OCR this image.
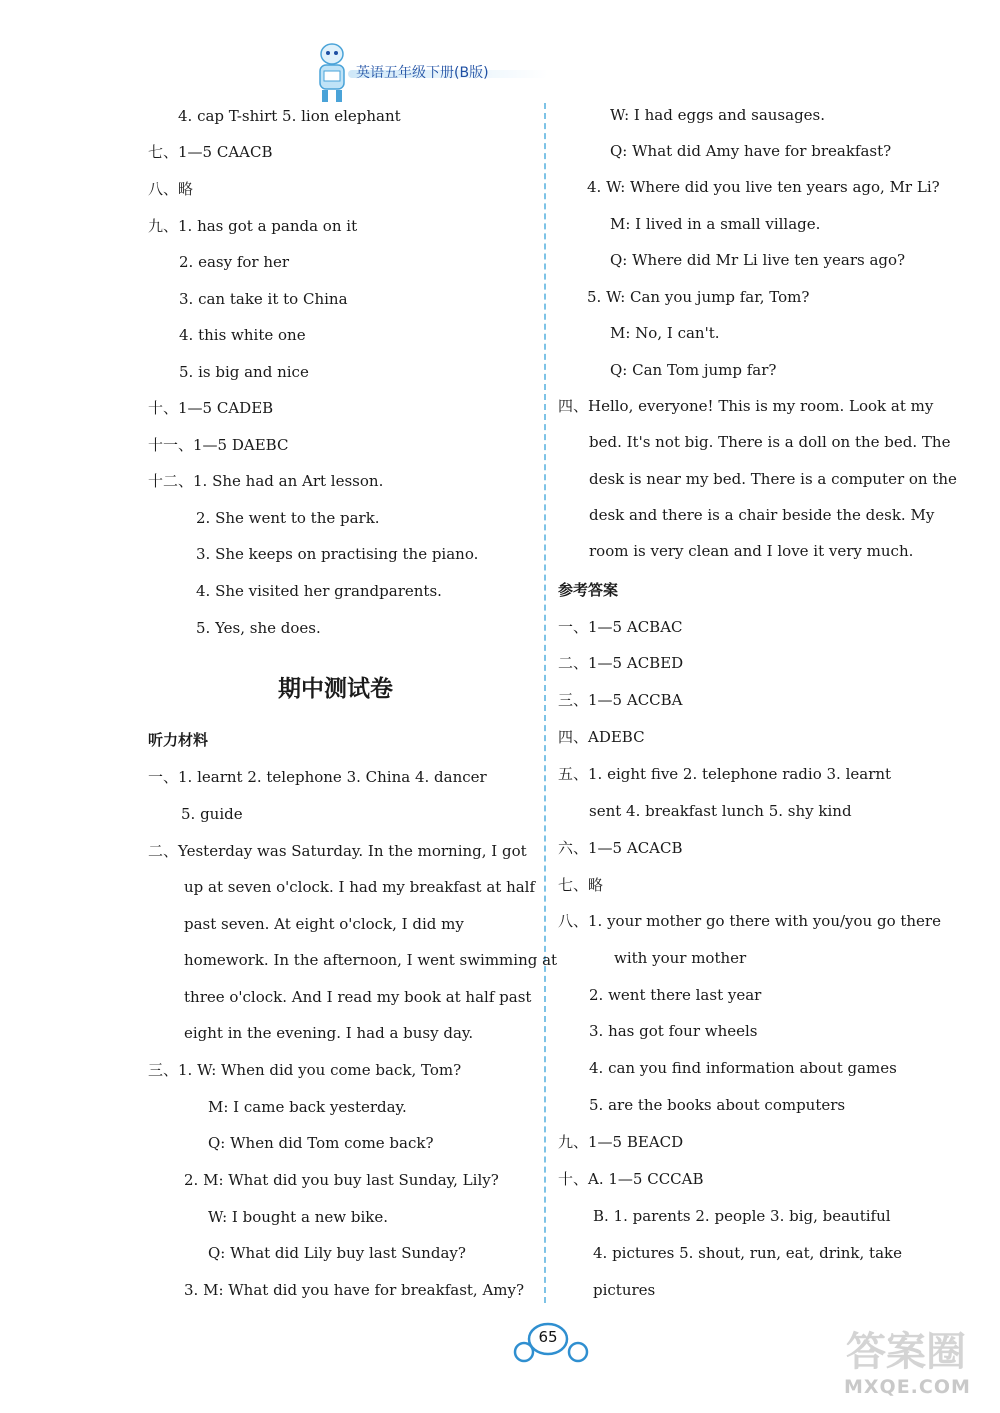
英语五年级下册(B版)
4. cap T-shirt 5. lion elephant
七、1—5 CAACB
八、略
九、1. has got a panda on it
2. easy for her
3. can take it to China
4. this white one
5. is big and nice
十、1—5 CADEB
十一、1—5 DAEBC
十二、1. She had an Art lesson.
2. She went to the park.
3. She keeps on practising the piano.
4. She visited her grandparents.
5. Yes, she does.
一、1. learnt 2. telephone 3. China 4. dancer
5. guide
二、Yesterday was Saturday. In the morning, I got
up at seven o'clock. I had my breakfast at half
past seven. At eight o'clock, I did my
homework. In the afternoon, I went swimming at
three o'clock. And I read my book at half past
eight in the evening. I had a busy day.
三、1. W: When did you come back, Tom?
M: I came back yesterday.
Q: When did Tom come back?
2. M: What did you buy last Sunday, Lily?
W: I bought a new bike.
Q: What did Lily buy last Sunday?
3. M: What did you have for breakfast, Amy?
期中测试卷
听力材料
W: I had eggs and sausages.
Q: What did Amy have for breakfast?
4. W: Where did you live ten years ago, Mr Li?
M: I lived in a small village.
Q: Where did Mr Li live ten years ago?
5. W: Can you jump far, Tom?
M: No, I can't.
Q: Can Tom jump far?
四、Hello, everyone! This is my room. Look at my
bed. It's not big. There is a doll on the bed. The
desk is near my bed. There is a computer on the
desk and there is a chair beside the desk. My
room is very clean and I love it very much.
一、1—5 ACBAC
二、1—5 ACBED
三、1—5 ACCBA
四、ADEBC
五、1. eight five 2. telephone radio 3. learnt
sent 4. breakfast lunch 5. shy kind
六、1—5 ACACB
七、略
八、1. your mother go there with you/you go there
with your mother
2. went there last year
3. has got four wheels
4. can you find information about games
5. are the books about computers
九、1—5 BEACD
十、A. 1—5 CCCAB
B. 1. parents 2. people 3. big, beautiful
4. pictures 5. shout, run, eat, drink, take
pictures
参考答案
65	答案圈
MXQE.COM
